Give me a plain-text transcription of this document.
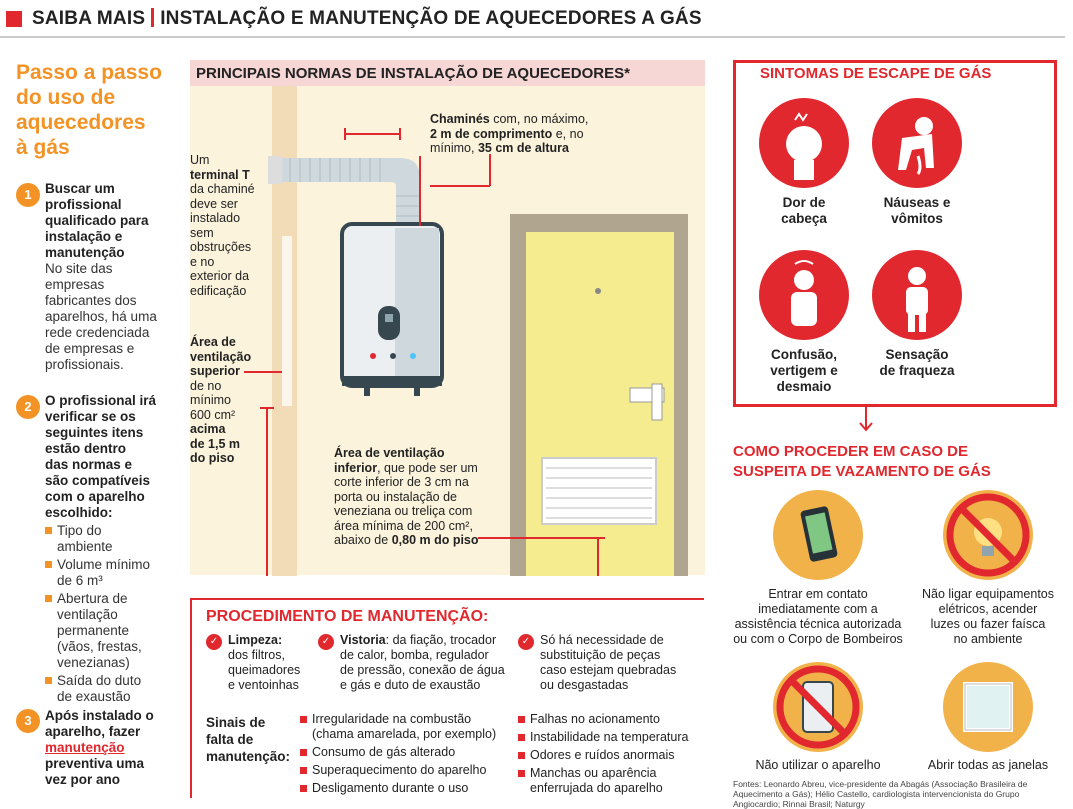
SAIBA MAIS INSTALAÇÃO E MANUTENÇÃO DE AQUECEDORES A GÁS
Passo a passo
do uso de
aquecedores
à gás
1 Buscar um
profissional
qualificado para
instalação e
manutenção
No site das
empresas
fabricantes dos
aparelhos, há uma
rede credenciada
de empresas e
profissionais.
2 O profissional irá
verificar se os
seguintes itens
estão dentro
das normas e
são compatíveis
com o aparelho
escolhido:
Tipo do ambiente
Volume mínimo de 6 m³
Abertura de ventilação permanente (vãos, frestas, venezianas)
Saída do duto de exaustão
3 Após instalado o
aparelho, fazer
manutenção
preventiva uma
vez por ano
PRINCIPAIS NORMAS DE INSTALAÇÃO DE AQUECEDORES*
Chaminés com, no máximo,
2 m de comprimento e, no
mínimo, 35 cm de altura
Um
terminal T
da chaminé
deve ser
instalado
sem
obstruções
e no
exterior da
edificação
Área de
ventilação
superior
de no
mínimo
600 cm²
acima
de 1,5 m
do piso	Área de ventilação
inferior, que pode ser um
corte inferior de 3 cm na
porta ou instalação de
veneziana ou treliça com
área mínima de 200 cm²,
abaixo de 0,80 m do piso
SINTOMAS DE ESCAPE DE GÁS
Dor de
cabeça
Náuseas e
vômitos
Confusão,
vertigem e
desmaio
Sensação
de fraqueza
COMO PROCEDER EM CASO DE
SUSPEITA DE VAZAMENTO DE GÁS
Entrar em contato
imediatamente com a
assistência técnica autorizada
ou com o Corpo de Bombeiros
Não ligar equipamentos
elétricos, acender
luzes ou fazer faísca
no ambiente
Não utilizar o aparelho	Abrir todas as janelas
PROCEDIMENTO DE MANUTENÇÃO:
✓ Limpeza:
dos filtros,
queimadores
e ventoinhas
✓ Vistoria: da fiação, trocador
de calor, bomba, regulador
de pressão, conexão de água
e gás e duto de exaustão
✓ Só há necessidade de
substituição de peças
caso estejam quebradas
ou desgastadas
Sinais de
falta de
manutenção:
Irregularidade na combustão (chama amarelada, por exemplo)
Consumo de gás alterado
Superaquecimento do aparelho
Desligamento durante o uso
Falhas no acionamento
Instabilidade na temperatura
Odores e ruídos anormais
Manchas ou aparência enferrujada do aparelho	Fontes: Leonardo Abreu, vice-presidente da Abagás (Associação Brasileira de Aquecimento a Gás); Hélio Castello, cardiologista intervencionista do Grupo Angiocardio; Rinnai Brasil; Naturgy
